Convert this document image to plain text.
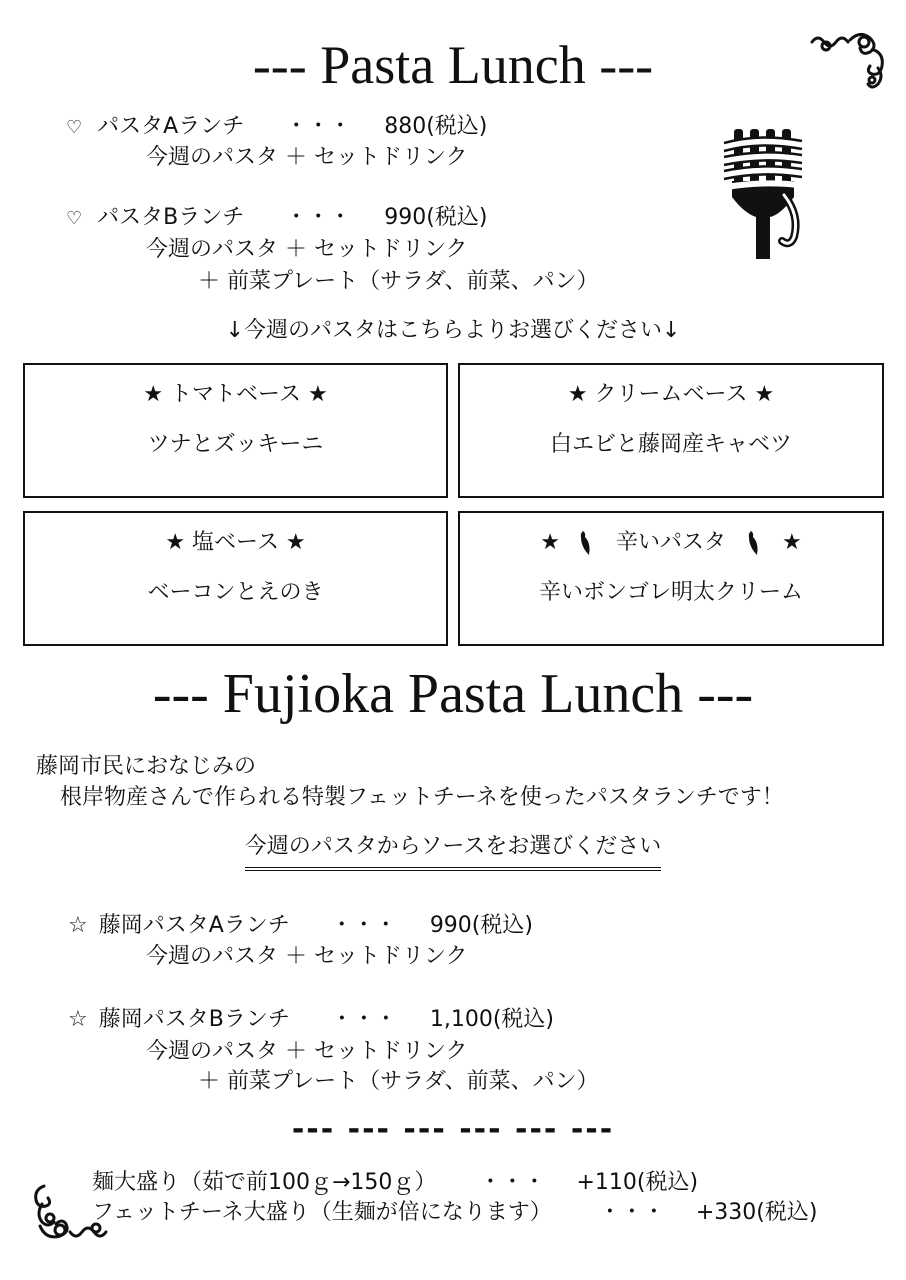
--- Pasta Lunch ---
♡ パスタAランチ ・・・ 880(税込)
今週のパスタ ＋ セットドリンク
♡ パスタBランチ ・・・ 990(税込)
今週のパスタ ＋ セットドリンク
＋ 前菜プレート（サラダ、前菜、パン）
↓今週のパスタはこちらよりお選びください↓
★ トマトベース ★
ツナとズッキーニ
★ クリームベース ★
白エビと藤岡産キャベツ
★ 塩ベース ★
ベーコンとえのき
★	辛いパスタ	★
辛いボンゴレ明太クリーム
--- Fujioka Pasta Lunch ---
藤岡市民におなじみの
根岸物産さんで作られる特製フェットチーネを使ったパスタランチです！
今週のパスタからソースをお選びください
☆ 藤岡パスタAランチ ・・・ 990(税込)
今週のパスタ ＋ セットドリンク
☆ 藤岡パスタBランチ ・・・ 1,100(税込)
今週のパスタ ＋ セットドリンク
＋ 前菜プレート（サラダ、前菜、パン）
--- --- --- --- --- ---
麺大盛り（茹で前100ｇ→150ｇ） ・・・ +110(税込)
フェットチーネ大盛り（生麺が倍になります） ・・・ +330(税込)
